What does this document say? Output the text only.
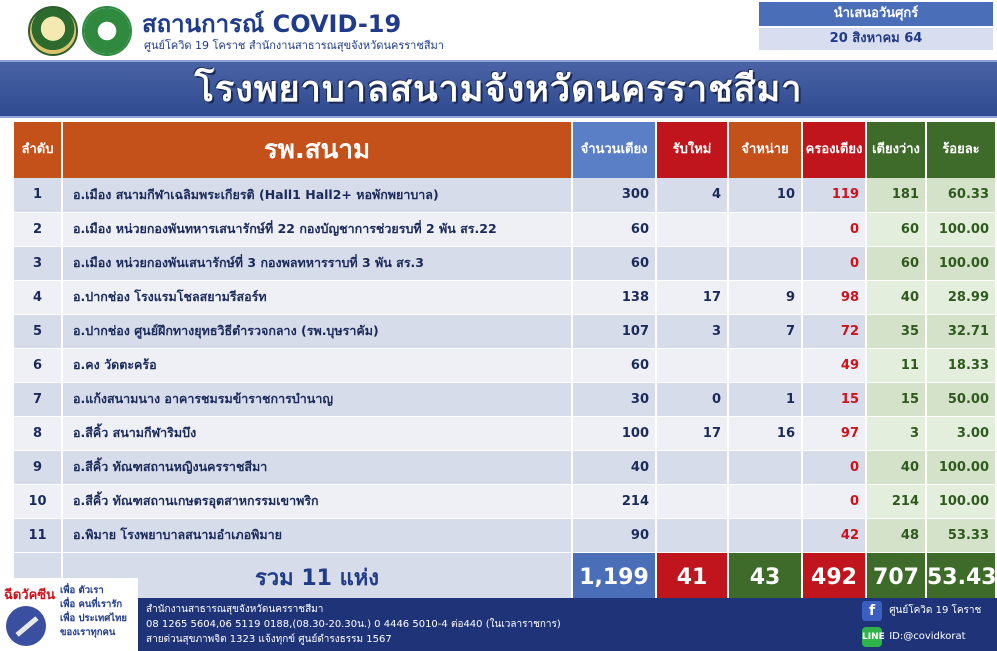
สถานการณ์ COVID-19
ศูนย์โควิด 19 โคราช สำนักงานสาธารณสุขจังหวัดนครราชสีมา
นำเสนอวันศุกร์
20 สิงหาคม 64
โรงพยาบาลสนามจังหวัดนครราชสีมา
ลำดับ	รพ.สนาม	จำนวนเตียง	รับใหม่	จำหน่าย	ครองเตียง	เตียงว่าง	ร้อยละ
1	อ.เมือง สนามกีฬาเฉลิมพระเกียรติ (Hall1 Hall2+ หอพักพยาบาล)	300	4	10	119	181	60.33
2	อ.เมือง หน่วยกองพันทหารเสนารักษ์ที่ 22 กองบัญชาการช่วยรบที่ 2 พัน สร.22	60			0	60	100.00
3	อ.เมือง หน่วยกองพันเสนารักษ์ที่ 3 กองพลทหารราบที่ 3 พัน สร.3	60			0	60	100.00
4	อ.ปากช่อง โรงแรมโชลสยามรีสอร์ท	138	17	9	98	40	28.99
5	อ.ปากช่อง ศูนย์ฝึกทางยุทธวิธีตำรวจกลาง (รพ.บุษราคัม)	107	3	7	72	35	32.71
6	อ.คง วัดตะคร้อ	60			49	11	18.33
7	อ.แก้งสนามนาง อาคารชมรมข้าราชการบำนาญ	30	0	1	15	15	50.00
8	อ.สีคิ้ว สนามกีฬาริมบึง	100	17	16	97	3	3.00
9	อ.สีคิ้ว ทัณฑสถานหญิงนครราชสีมา	40			0	40	100.00
10	อ.สีคิ้ว ทัณฑสถานเกษตรอุตสาหกรรมเขาพริก	214			0	214	100.00
11	อ.พิมาย โรงพยาบาลสนามอำเภอพิมาย	90			42	48	53.33
	รวม 11 แห่ง	1,199	41	43	492	707	53.43
สำนักงานสาธารณสุขจังหวัดนครราชสีมา
08 1265 5604,06 5119 0188,(08.30-20.30น.) 0 4446 5010-4 ต่อ440 (ในเวลาราชการ)
สายด่วนสุขภาพจิต 1323 แจ้งทุกข์ ศูนย์ดำรงธรรม 1567
f ศูนย์โควิด 19 โคราช
LINE ID:@covidkorat
ฉีดวัคซีน เพื่อ ตัวเรา
เพื่อ คนที่เรารัก
เพื่อ ประเทศไทย
ของเราทุกคน
